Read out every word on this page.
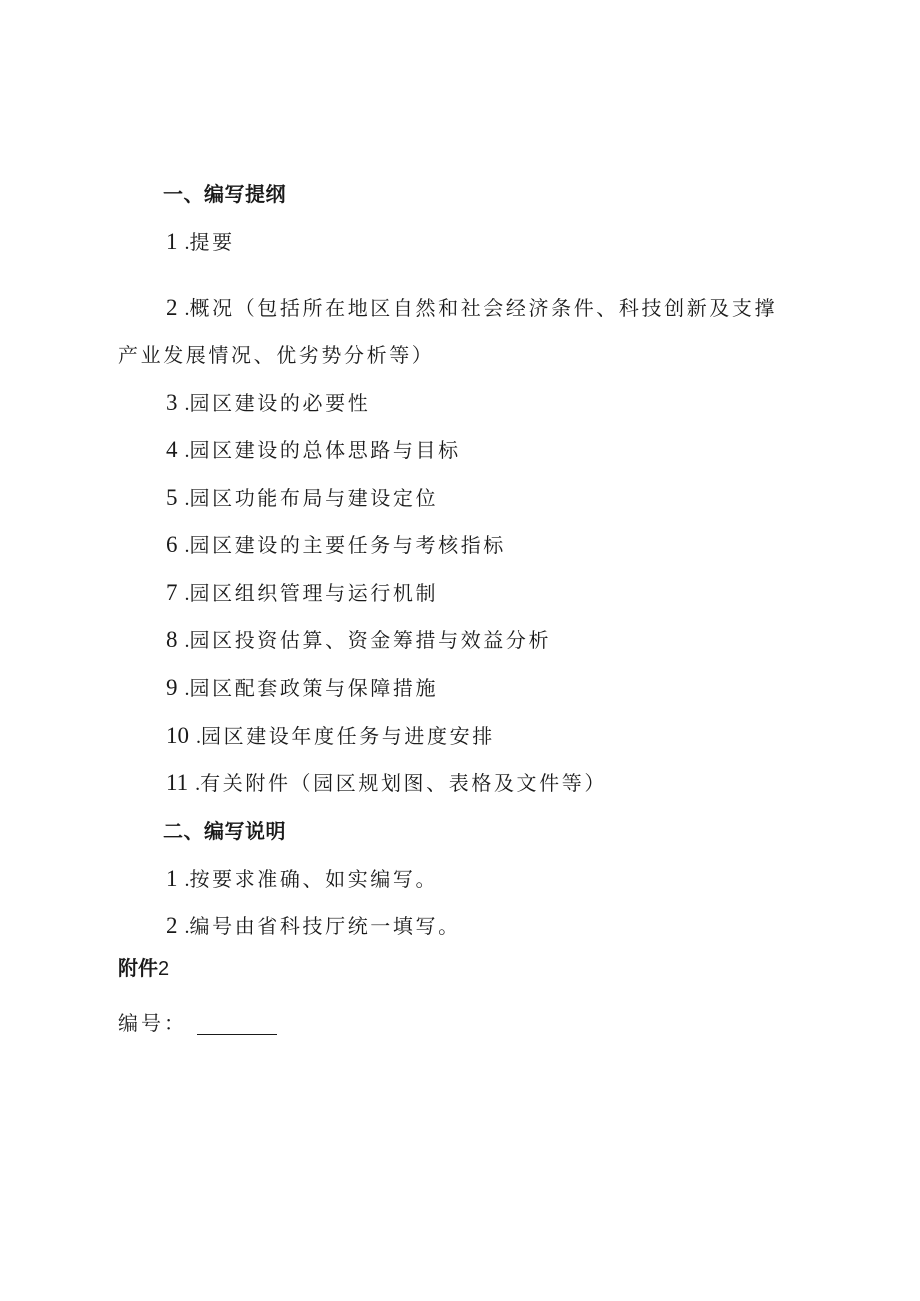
一、编写提纲
1 .提要
2 .概况（包括所在地区自然和社会经济条件、科技创新及支撑
产业发展情况、优劣势分析等）
3 .园区建设的必要性
4 .园区建设的总体思路与目标
5 .园区功能布局与建设定位
6 .园区建设的主要任务与考核指标
7 .园区组织管理与运行机制
8 .园区投资估算、资金筹措与效益分析
9 .园区配套政策与保障措施
10 .园区建设年度任务与进度安排
11 .有关附件（园区规划图、表格及文件等）
二、编写说明
1 .按要求准确、如实编写。
2 .编号由省科技厅统一填写。
附件2
编号：
